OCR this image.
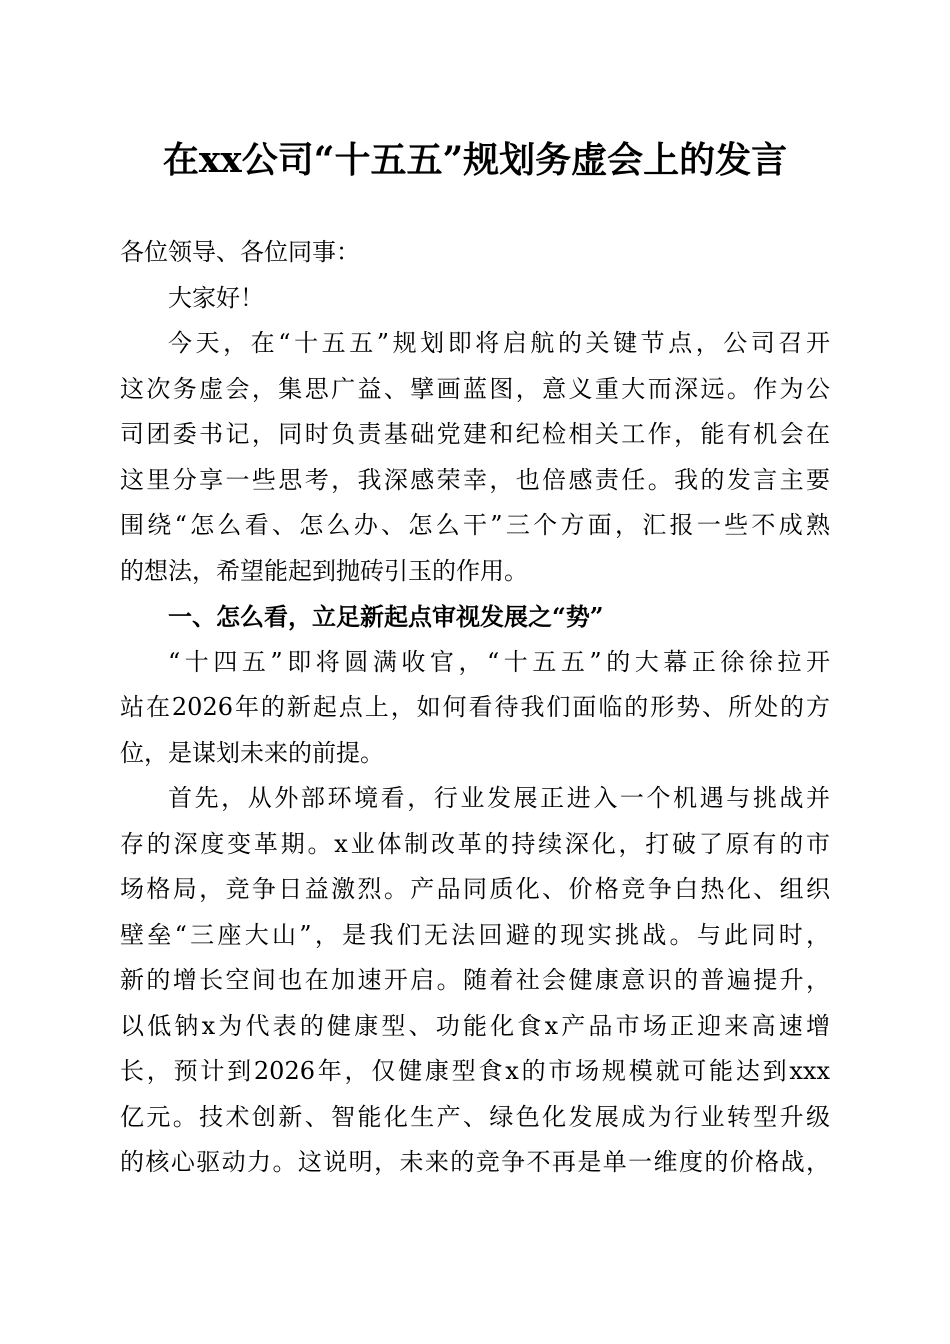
在xx公司“十五五”规划务虚会上的发言
各位领导、各位同事：
大家好！
今天，在“十五五”规划即将启航的关键节点，公司召开
这次务虚会，集思广益、擘画蓝图，意义重大而深远。作为公
司团委书记，同时负责基础党建和纪检相关工作，能有机会在
这里分享一些思考，我深感荣幸，也倍感责任。我的发言主要
围绕“怎么看、怎么办、怎么干”三个方面，汇报一些不成熟
的想法，希望能起到抛砖引玉的作用。
一、怎么看，立足新起点审视发展之“势”
“十四五”即将圆满收官，“十五五”的大幕正徐徐拉开
站在2026年的新起点上，如何看待我们面临的形势、所处的方
位，是谋划未来的前提。
首先，从外部环境看，行业发展正进入一个机遇与挑战并
存的深度变革期。x业体制改革的持续深化，打破了原有的市
场格局，竞争日益激烈。产品同质化、价格竞争白热化、组织
壁垒“三座大山”，是我们无法回避的现实挑战。与此同时，
新的增长空间也在加速开启。随着社会健康意识的普遍提升，
以低钠x为代表的健康型、功能化食x产品市场正迎来高速增
长，预计到2026年，仅健康型食x的市场规模就可能达到xxx
亿元。技术创新、智能化生产、绿色化发展成为行业转型升级
的核心驱动力。这说明，未来的竞争不再是单一维度的价格战，
